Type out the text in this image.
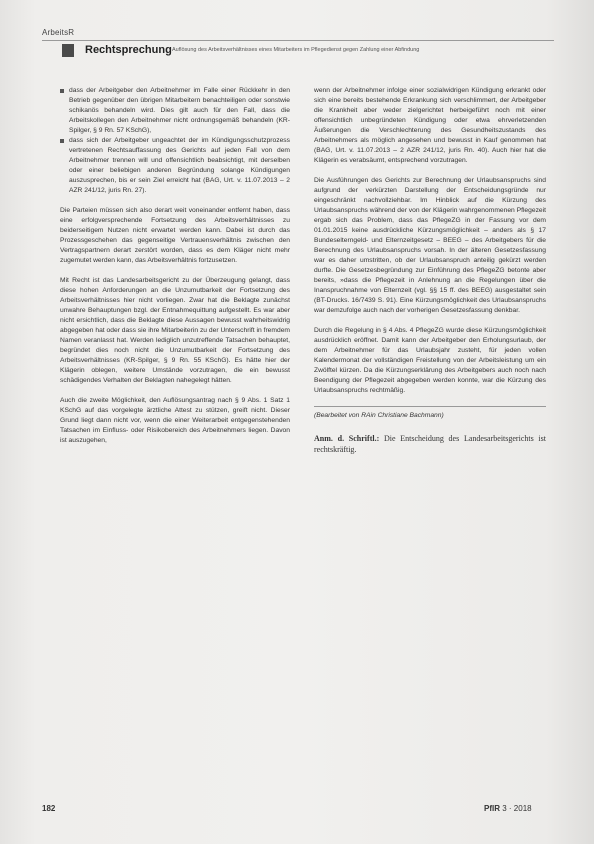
ArbeitsR
Rechtsprechung Auflösung des Arbeitsverhältnisses eines Mitarbeiters im Pflegedienst gegen Zahlung einer Abfindung
dass der Arbeitgeber den Arbeitnehmer im Falle einer Rückkehr in den Betrieb gegenüber den übrigen Mitarbeitern benachteiligen oder sonstwie schikanös behandeln wird. Dies gilt auch für den Fall, dass die Arbeitskollegen den Arbeitnehmer nicht ordnungsgemäß behandeln (KR-Spilger, § 9 Rn. 57 KSchG),
dass sich der Arbeitgeber ungeachtet der im Kündigungsschutzprozess vertretenen Rechtsauffassung des Gerichts auf jeden Fall von dem Arbeitnehmer trennen will und offensichtlich beabsichtigt, mit derselben oder einer beliebigen anderen Begründung solange Kündigungen auszusprechen, bis er sein Ziel erreicht hat (BAG, Urt. v. 11.07.2013 – 2 AZR 241/12, juris Rn. 27).

Die Parteien müssen sich also derart weit voneinander entfernt haben, dass eine erfolgversprechende Fortsetzung des Arbeitsverhältnisses zu beiderseitigem Nutzen nicht erwartet werden kann. Dabei ist durch das Prozessgeschehen das gegenseitige Vertrauensverhältnis zwischen den Vertragspartnern derart zerstört worden, dass es dem Kläger nicht mehr zugemutet werden kann, das Arbeitsverhältnis fortzusetzen.

Mit Recht ist das Landesarbeitsgericht zu der Überzeugung gelangt, dass diese hohen Anforderungen an die Unzumutbarkeit der Fortsetzung des Arbeitsverhältnisses hier nicht vorliegen. Zwar hat die Beklagte zunächst unwahre Behauptungen bzgl. der Entnahmequittung aufgestellt. Es war aber nicht ersichtlich, dass die Beklagte diese Aussagen bewusst wahrheitswidrig abgegeben hat oder dass sie ihre Mitarbeiterin zu der Unterschrift in fremdem Namen veranlasst hat. Werden lediglich unzutreffende Tatsachen behauptet, begründet dies noch nicht die Unzumutbarkeit der Fortsetzung des Arbeitsverhältnisses (KR-Spilger, § 9 Rn. 55 KSchG). Es hätte hier der Klägerin oblegen, weitere Umstände vorzutragen, die ein bewusst schädigendes Verhalten der Beklagten nahegelegt hätten.

Auch die zweite Möglichkeit, den Auflösungsantrag nach § 9 Abs. 1 Satz 1 KSchG auf das vorgelegte ärztliche Attest zu stützen, greift nicht. Dieser Grund liegt dann nicht vor, wenn die einer Weiterarbeit entgegenstehenden Tatsachen im Einfluss- oder Risikobereich des Arbeitnehmers liegen. Davon ist auszugehen,

wenn der Arbeitnehmer infolge einer sozialwidrigen Kündigung erkrankt oder sich eine bereits bestehende Erkrankung sich verschlimmert, der Arbeitgeber die Krankheit aber weder zielgerichtet herbeigeführt noch mit einer offensichtlich unbegründeten Kündigung oder etwa ehrverletzenden Äußerungen die Verschlechterung des Gesundheitszustands des Arbeitnehmers als möglich angesehen und bewusst in Kauf genommen hat (BAG, Urt. v. 11.07.2013 – 2 AZR 241/12, juris Rn. 40). Auch hier hat die Klägerin es verabsäumt, entsprechend vorzutragen.

Die Ausführungen des Gerichts zur Berechnung der Urlaubsanspruchs sind aufgrund der verkürzten Darstellung der Entscheidungsgründe nur eingeschränkt nachvollziehbar. Im Hinblick auf die Kürzung des Urlaubsanspruchs während der von der Klägerin wahrgenommenen Pflegezeit ergab sich das Problem, dass das PflegeZG in der Fassung vor dem 01.01.2015 keine ausdrückliche Kürzungsmöglichkeit – anders als § 17 Bundeselterngeld- und Elternzeitgesetz – BEEG – des Arbeitgebers für die Berechnung des Urlaubsanspruchs vorsah. In der älteren Gesetzesfassung war es daher umstritten, ob der Urlaubsanspruch anteilig gekürzt werden durfte. Die Gesetzesbegründung zur Einführung des PflegeZG betonte aber bereits, »dass die Pflegezeit in Anlehnung an die Regelungen über die Inanspruchnahme von Elternzeit (vgl. §§ 15 ff. des BEEG) ausgestaltet sein (BT-Drucks. 16/7439 S. 91). Eine Kürzungsmöglichkeit des Urlaubsanspruchs war demzufolge auch nach der vorherigen Gesetzesfassung denkbar.

Durch die Regelung in § 4 Abs. 4 PflegeZG wurde diese Kürzungsmöglichkeit ausdrücklich eröffnet. Damit kann der Arbeitgeber den Erholungsurlaub, der dem Arbeitnehmer für das Urlaubsjahr zusteht, für jeden vollen Kalendermonat der vollständigen Freistellung von der Arbeitsleistung um ein Zwölftel kürzen. Da die Kürzungserklärung des Arbeitgebers auch noch nach Beendigung der Pflegezeit abgegeben werden konnte, war die Kürzung des Urlaubsanspruchs rechtmäßig.

(Bearbeitet von RAin Christiane Bachmann)
Anm. d. Schriftl.: Die Entscheidung des Landesarbeitsgerichts ist rechtskräftig.
182	PflR 3 · 2018
